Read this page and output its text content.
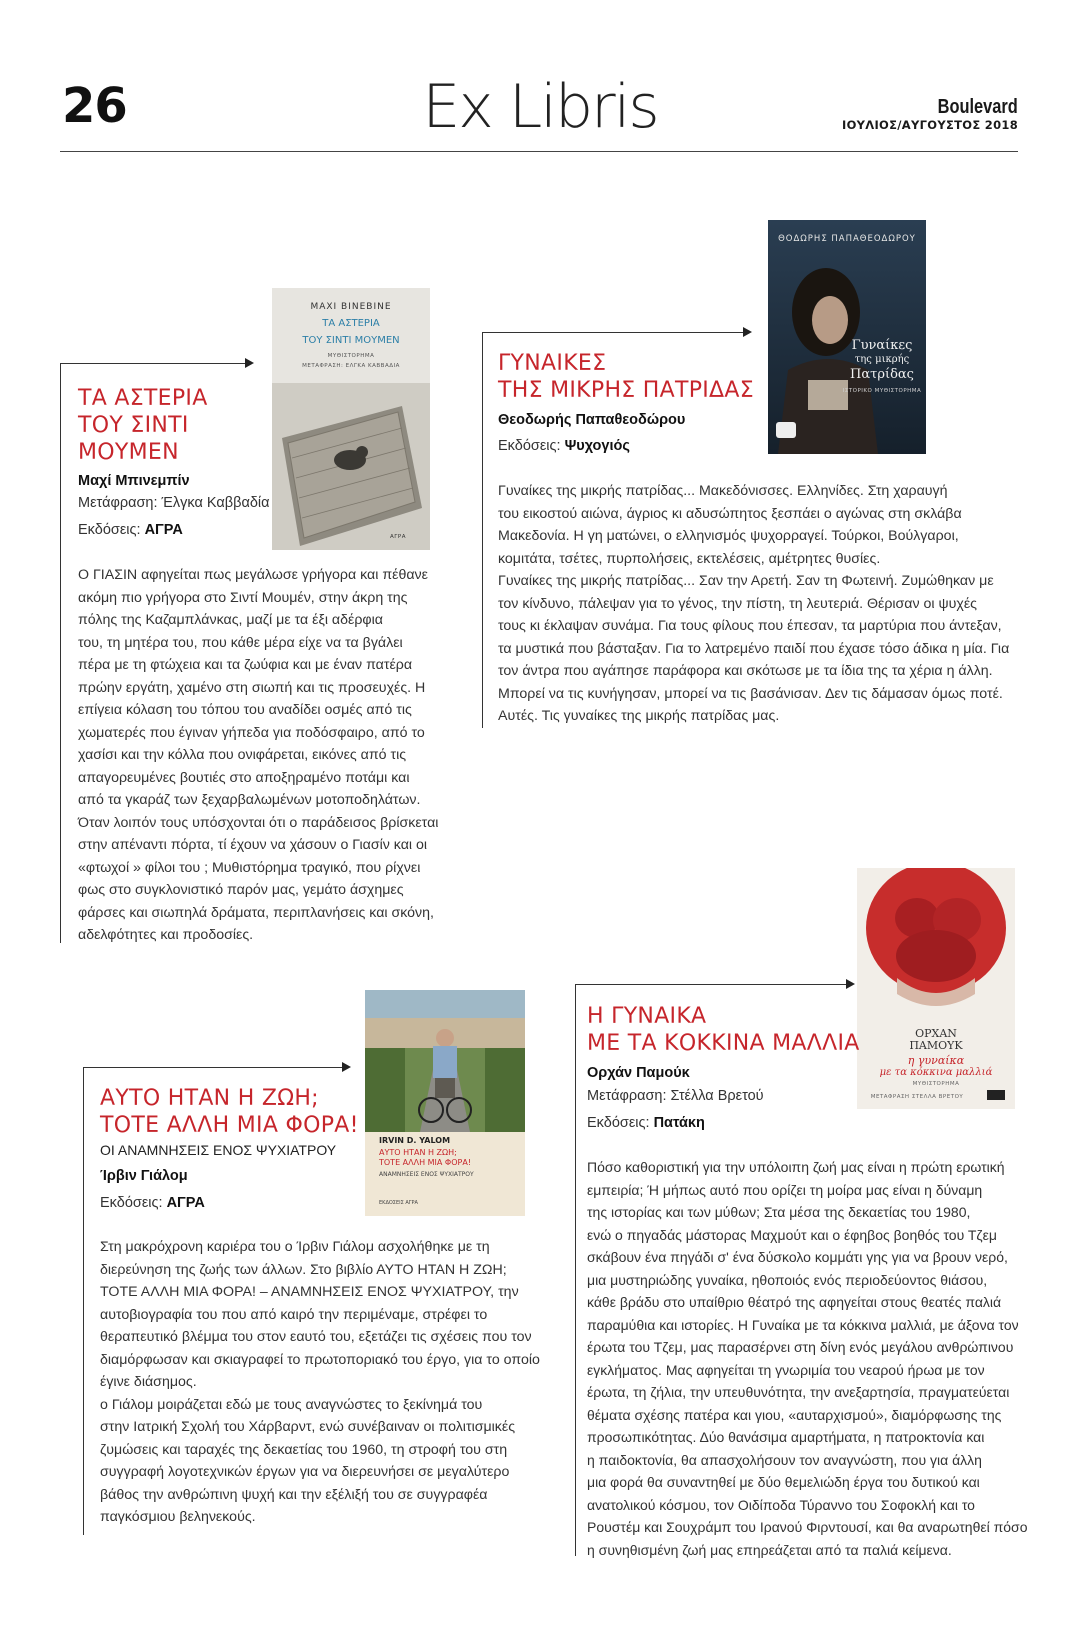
26	Ex Libris	Boulevard
ΙΟΥΛΙΟΣ/ΑΥΓΟΥΣΤΟΣ 2018
ΜΑΧΙ ΒΙΝΕΒΙΝΕ
ΤΑ ΑΣΤΕΡΙΑ
ΤΟΥ ΣΙΝΤΙ ΜΟΥΜΕΝ
ΜΥΘΙΣΤΟΡΗΜΑ
ΜΕΤΑΦΡΑΣΗ: ΕΛΓΚΑ ΚΑΒΒΑΔΙΑ
ΑΓΡΑ
ΤΑ ΑΣΤΕΡΙΑ
ΤΟΥ ΣΙΝΤΙ
ΜΟΥΜΕΝ
Μαχί Μπινεμπίν
Μετάφραση: Έλγκα Καββαδία
Εκδόσεις: ΑΓΡΑ
Ο ΓΙΑΣΙΝ αφηγείται πως μεγάλωσε γρήγορα και πέθανε
ακόμη πιο γρήγορα στο Σιντί Μουμέν, στην άκρη της
πόλης της Καζαμπλάνκας, μαζί με τα έξι αδέρφια
του, τη μητέρα του, που κάθε μέρα είχε να τα βγάλει
πέρα με τη φτώχεια και τα ζωύφια και με έναν πατέρα
πρώην εργάτη, χαμένο στη σιωπή και τις προσευχές. Η
επίγεια κόλαση του τόπου του αναδίδει οσμές από τις
χωματερές που έγιναν γήπεδα για ποδόσφαιρο, από το
χασίσι και την κόλλα που ονιφάρεται, εικόνες από τις
απαγορευμένες βουτιές στο αποξηραμένο ποτάμι και
από τα γκαράζ των ξεχαρβαλωμένων μοτοποδηλάτων.
Όταν λοιπόν τους υπόσχονται ότι ο παράδεισος βρίσκεται
στην απέναντι πόρτα, τί έχουν να χάσουν ο Γιασίν και οι
«φτωχοί » φίλοι του ; Μυθιστόρημα τραγικό, που ρίχνει
φως στο συγκλονιστικό παρόν μας, γεμάτο άσχημες
φάρσες και σιωπηλά δράματα, περιπλανήσεις και σκόνη,
αδελφότητες και προδοσίες.
ΘΟΔΩΡΗΣ ΠΑΠΑΘΕΟΔΩΡΟΥ
Γυναίκες
της μικρής
Πατρίδας
ΙΣΤΟΡΙΚΟ ΜΥΘΙΣΤΟΡΗΜΑ
ΓΥΝΑΙΚΕΣ
ΤΗΣ ΜΙΚΡΗΣ ΠΑΤΡΙΔΑΣ
Θεοδωρής Παπαθεοδώρου
Εκδόσεις: Ψυχογιός
Γυναίκες της μικρής πατρίδας... Μακεδόνισσες. Ελληνίδες. Στη χαραυγή
του εικοστού αιώνα, άγριος κι αδυσώπητος ξεσπάει ο αγώνας στη σκλάβα
Μακεδονία. Η γη ματώνει, ο ελληνισμός ψυχορραγεί. Τούρκοι, Βούλγαροι,
κομιτάτα, τσέτες, πυρπολήσεις, εκτελέσεις, αμέτρητες θυσίες.
Γυναίκες της μικρής πατρίδας... Σαν την Αρετή. Σαν τη Φωτεινή. Ζυμώθηκαν με
τον κίνδυνο, πάλεψαν για το γένος, την πίστη, τη λευτεριά. Θέρισαν οι ψυχές
τους κι έκλαψαν συνάμα. Για τους φίλους που έπεσαν, τα μαρτύρια που άντεξαν,
τα μυστικά που βάσταξαν. Για το λατρεμένο παιδί που έχασε τόσο άδικα η μία. Για
τον άντρα που αγάπησε παράφορα και σκότωσε με τα ίδια της τα χέρια η άλλη.
Μπορεί να τις κυνήγησαν, μπορεί να τις βασάνισαν. Δεν τις δάμασαν όμως ποτέ.
Αυτές. Τις γυναίκες της μικρής πατρίδας μας.
IRVIN D. YALOM
ΑΥΤΟ ΗΤΑΝ Η ΖΩΗ;
ΤΟΤΕ ΑΛΛΗ ΜΙΑ ΦΟΡΑ!
ΑΝΑΜΝΗΣΕΙΣ ΕΝΟΣ ΨΥΧΙΑΤΡΟΥ
ΕΚΔΟΣΕΙΣ ΑΓΡΑ
ΑΥΤΟ ΗΤΑΝ Η ΖΩΗ;
ΤΟΤΕ ΑΛΛΗ ΜΙΑ ΦΟΡΑ!
ΟΙ ΑΝΑΜΝΗΣΕΙΣ ΕΝΟΣ ΨΥΧΙΑΤΡΟΥ
Ίρβιν Γιάλομ
Εκδόσεις: ΑΓΡΑ
Στη μακρόχρονη καριέρα του ο Ίρβιν Γιάλομ ασχολήθηκε με τη
διερεύνηση της ζωής των άλλων. Στο βιβλίο ΑΥΤΟ ΗΤΑΝ Η ΖΩΗ;
ΤΟΤΕ ΑΛΛΗ ΜΙΑ ΦΟΡΑ! – ΑΝΑΜΝΗΣΕΙΣ ΕΝΟΣ ΨΥΧΙΑΤΡΟΥ, την
αυτοβιογραφία του που από καιρό την περιμέναμε, στρέφει το
θεραπευτικό βλέμμα του στον εαυτό του, εξετάζει τις σχέσεις που τον
διαμόρφωσαν και σκιαγραφεί το πρωτοποριακό του έργο, για το οποίο
έγινε διάσημος.
ο Γιάλομ μοιράζεται εδώ με τους αναγνώστες το ξεκίνημά του
στην Ιατρική Σχολή του Χάρβαρντ, ενώ συνέβαιναν οι πολιτισμικές
ζυμώσεις και ταραχές της δεκαετίας του 1960, τη στροφή του στη
συγγραφή λογοτεχνικών έργων για να διερευνήσει σε μεγαλύτερο
βάθος την ανθρώπινη ψυχή και την εξέλιξή του σε συγγραφέα
παγκόσμιου βεληνεκούς.
ΟΡΧΑΝ
ΠΑΜΟΥΚ
η γυναίκα
με τα κόκκινα μαλλιά
ΜΥΘΙΣΤΟΡΗΜΑ
ΜΕΤΑΦΡΑΣΗ ΣΤΕΛΛΑ ΒΡΕΤΟΥ
Η ΓΥΝΑΙΚΑ
ΜΕ ΤΑ ΚΟΚΚΙΝΑ ΜΑΛΛΙΑ
Ορχάν Παμούκ
Μετάφραση: Στέλλα Βρετού
Εκδόσεις: Πατάκη
Πόσο καθοριστική για την υπόλοιπη ζωή μας είναι η πρώτη ερωτική
εμπειρία; Ή μήπως αυτό που ορίζει τη μοίρα μας είναι η δύναμη
της ιστορίας και των μύθων; Στα μέσα της δεκαετίας του 1980,
ενώ ο πηγαδάς μάστορας Μαχμούτ και ο έφηβος βοηθός του Τζεμ
σκάβουν ένα πηγάδι σ' ένα δύσκολο κομμάτι γης για να βρουν νερό,
μια μυστηριώδης γυναίκα, ηθοποιός ενός περιοδεύοντος θιάσου,
κάθε βράδυ στο υπαίθριο θέατρό της αφηγείται στους θεατές παλιά
παραμύθια και ιστορίες. Η Γυναίκα με τα κόκκινα μαλλιά, με άξονα τον
έρωτα του Τζεμ, μας παρασέρνει στη δίνη ενός μεγάλου ανθρώπινου
εγκλήματος. Μας αφηγείται τη γνωριμία του νεαρού ήρωα με τον
έρωτα, τη ζήλια, την υπευθυνότητα, την ανεξαρτησία, πραγματεύεται
θέματα σχέσης πατέρα και γιου, «αυταρχισμού», διαμόρφωσης της
προσωπικότητας. Δύο θανάσιμα αμαρτήματα, η πατροκτονία και
η παιδοκτονία, θα απασχολήσουν τον αναγνώστη, που για άλλη
μια φορά θα συναντηθεί με δύο θεμελιώδη έργα του δυτικού και
ανατολικού κόσμου, τον Οιδίποδα Τύραννο του Σοφοκλή και το
Ρουστέμ και Σουχράμπ του Ιρανού Φιρντουσί, και θα αναρωτηθεί πόσο
η συνηθισμένη ζωή μας επηρεάζεται από τα παλιά κείμενα.
